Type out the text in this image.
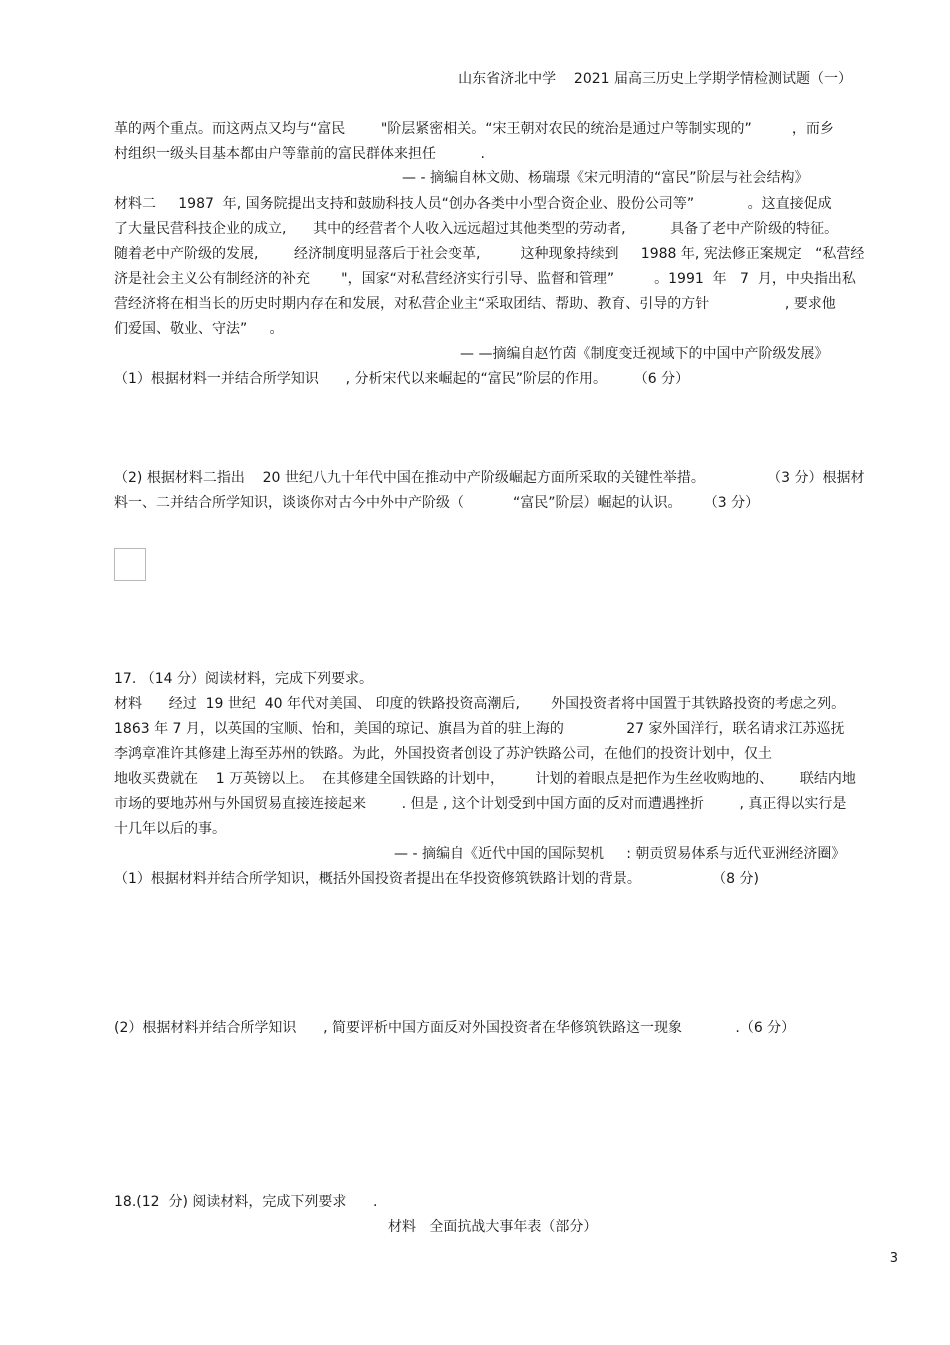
山东省济北中学    2021 届高三历史上学期学情检测试题（一）
革的两个重点。而这两点又均与“富民        "阶层紧密相关。“宋王朝对农民的统治是通过户等制实现的”         ，而乡
村组织一级头目基本都由户等靠前的富民群体来担任          .
— - 摘编自林文勋、杨瑞璟《宋元明清的“富民”阶层与社会结构》
材料二     1987  年, 国务院提出支持和鼓励科技人员“创办各类中小型合资企业、股份公司等”            。这直接促成
了大量民营科技企业的成立,      其中的经营者个人收入远远超过其他类型的劳动者,          具备了老中产阶级的特征。
随着老中产阶级的发展,        经济制度明显落后于社会变革,         这种现象持续到     1988 年, 宪法修正案规定   “私营经
济是社会主义公有制经济的补充       "，国家“对私营经济实行引导、监督和管理”         。1991  年   7  月，中央指出私
营经济将在相当长的历史时期内存在和发展，对私营企业主“采取团结、帮助、教育、引导的方针                 , 要求他
们爱国、敬业、守法”     。
— —摘编自赵竹茵《制度变迁视域下的中国中产阶级发展》
（1）根据材料一并结合所学知识      , 分析宋代以来崛起的“富民”阶层的作用。      （6 分）
（2) 根据材料二指出    20 世纪八九十年代中国在推动中产阶级崛起方面所采取的关键性举措。              （3 分）根据材
料一、二并结合所学知识，谈谈你对古今中外中产阶级（           “富民”阶层）崛起的认识。     （3 分）
17. （14 分）阅读材料，完成下列要求。
材料      经过  19 世纪  40 年代对美国、 印度的铁路投资高潮后,       外国投资者将中国置于其铁路投资的考虑之列。
1863 年 7 月，以英国的宝顺、怡和，美国的琼记、旗昌为首的驻上海的              27 家外国洋行，联名请求江苏巡抚
李鸿章准许其修建上海至苏州的铁路。为此，外国投资者创设了苏沪铁路公司，在他们的投资计划中，仅土
地收买费就在    1 万英镑以上。  在其修建全国铁路的计划中，       计划的着眼点是把作为生丝收购地的、      联结内地
市场的要地苏州与外国贸易直接连接起来        . 但是 , 这个计划受到中国方面的反对而遭遇挫折        , 真正得以实行是
十几年以后的事。
— - 摘编自《近代中国的国际契机     : 朝贡贸易体系与近代亚洲经济圈》
（1）根据材料并结合所学知识，概括外国投资者提出在华投资修筑铁路计划的背景。                （8 分)
(2）根据材料并结合所学知识      , 简要评析中国方面反对外国投资者在华修筑铁路这一现象            .（6 分）
18.(12  分) 阅读材料，完成下列要求      .
材料   全面抗战大事年表（部分）
3
